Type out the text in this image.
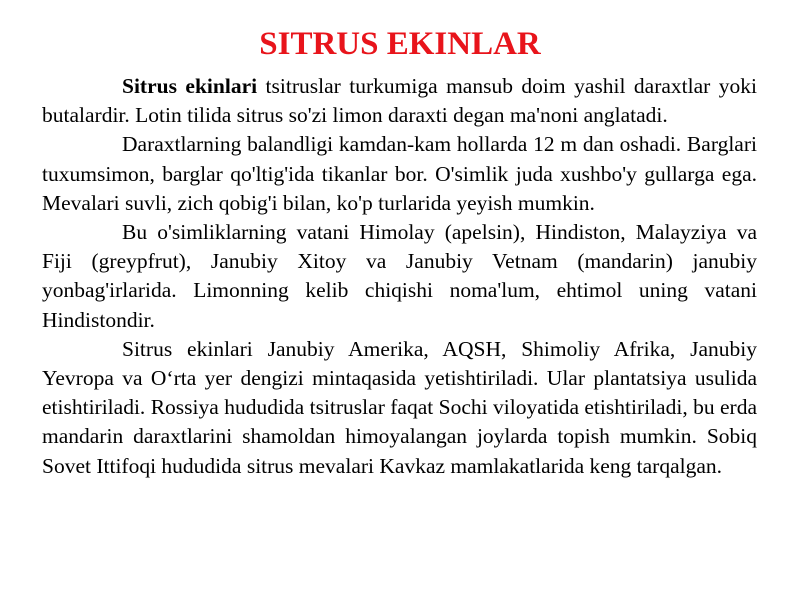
SITRUS EKINLAR

Sitrus ekinlari tsitruslar turkumiga mansub doim yashil daraxtlar yoki butalardir. Lotin tilida sitrus so'zi limon daraxti degan ma'noni anglatadi.

Daraxtlarning balandligi kamdan-kam hollarda 12 m dan oshadi. Barglari tuxumsimon, barglar qo'ltig'ida tikanlar bor. O'simlik juda xushbo'y gullarga ega. Mevalari suvli, zich qobig'i bilan, ko'p turlarida yeyish mumkin.

Bu o'simliklarning vatani Himolay (apelsin), Hindiston, Malayziya va Fiji (greypfrut), Janubiy Xitoy va Janubiy Vetnam (mandarin) janubiy yonbag'irlarida. Limonning kelib chiqishi noma'lum, ehtimol uning vatani Hindistondir.

Sitrus ekinlari Janubiy Amerika, AQSH, Shimoliy Afrika, Janubiy Yevropa va O‘rta yer dengizi mintaqasida yetishtiriladi. Ular plantatsiya usulida etishtiriladi. Rossiya hududida tsitruslar faqat Sochi viloyatida etishtiriladi, bu erda mandarin daraxtlarini shamoldan himoyalangan joylarda topish mumkin. Sobiq Sovet Ittifoqi hududida sitrus mevalari Kavkaz mamlakatlarida keng tarqalgan.
